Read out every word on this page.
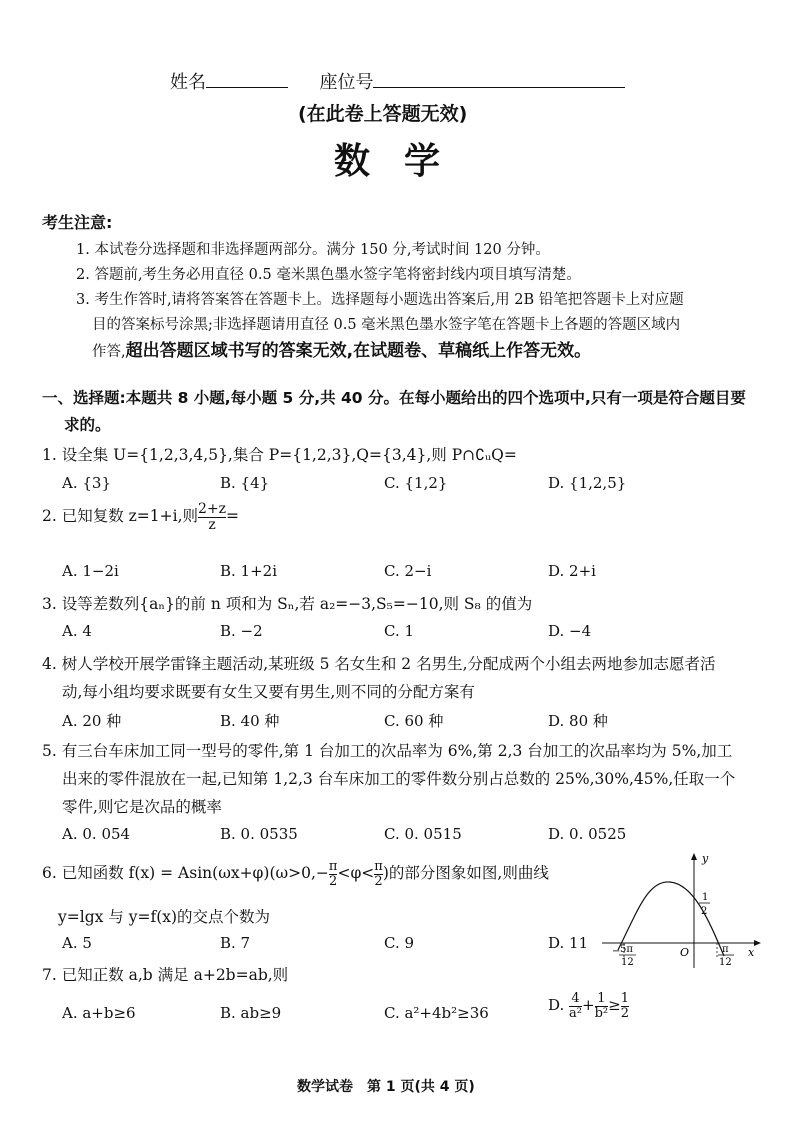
姓名	座位号
(在此卷上答题无效)
数学
考生注意:
1. 本试卷分选择题和非选择题两部分。满分 150 分,考试时间 120 分钟。
2. 答题前,考生务必用直径 0.5 毫米黑色墨水签字笔将密封线内项目填写清楚。
3. 考生作答时,请将答案答在答题卡上。选择题每小题选出答案后,用 2B 铅笔把答题卡上对应题
目的答案标号涂黑;非选择题请用直径 0.5 毫米黑色墨水签字笔在答题卡上各题的答题区域内
作答,超出答题区域书写的答案无效,在试题卷、草稿纸上作答无效。
一、选择题:本题共 8 小题,每小题 5 分,共 40 分。在每小题给出的四个选项中,只有一项是符合题目要
求的。
1. 设全集 U={1,2,3,4,5},集合 P={1,2,3},Q={3,4},则 P∩∁ᵤQ=
A. {3}	B. {4}	C. {1,2}	D. {1,2,5}
2. 已知复数 z=1+i,则 $\frac{2+z}{z}$ =
A. 1−2i	B. 1+2i	C. 2−i	D. 2+i
3. 设等差数列{aₙ}的前 n 项和为 Sₙ,若 a₂=−3,S₅=−10,则 S₈ 的值为
A. 4	B. −2	C. 1	D. −4
4. 树人学校开展学雷锋主题活动,某班级 5 名女生和 2 名男生,分配成两个小组去两地参加志愿者活
动,每小组均要求既要有女生又要有男生,则不同的分配方案有
A. 20 种	B. 40 种	C. 60 种	D. 80 种
5. 有三台车床加工同一型号的零件,第 1 台加工的次品率为 6%,第 2,3 台加工的次品率均为 5%,加工
出来的零件混放在一起,已知第 1,2,3 台车床加工的零件数分别占总数的 25%,30%,45%,任取一个
零件,则它是次品的概率
A. 0. 054	B. 0. 0535	C. 0. 0515	D. 0. 0525
6. 已知函数 $f(x) = Asin(\omega x+\varphi)(\omega>0,- \frac{\pi}{2} <\varphi< \frac{\pi}{2}$ )的部分图象如图,则曲线
y=lgx 与 y=f(x)的交点个数为
A. 5	B. 7	C. 9	D. 11
y
x
O
1
2
− 5π
12
π
12
7. 已知正数 a,b 满足 a+2b=ab,则
A. a+b≥6	B. ab≥9	C. a²+4b²≥36	D. $\frac{4}{\text{a²}} + \frac{1}{\text{b²}} \ge \frac{1}{2}$
数学试卷　第 1 页(共 4 页)
